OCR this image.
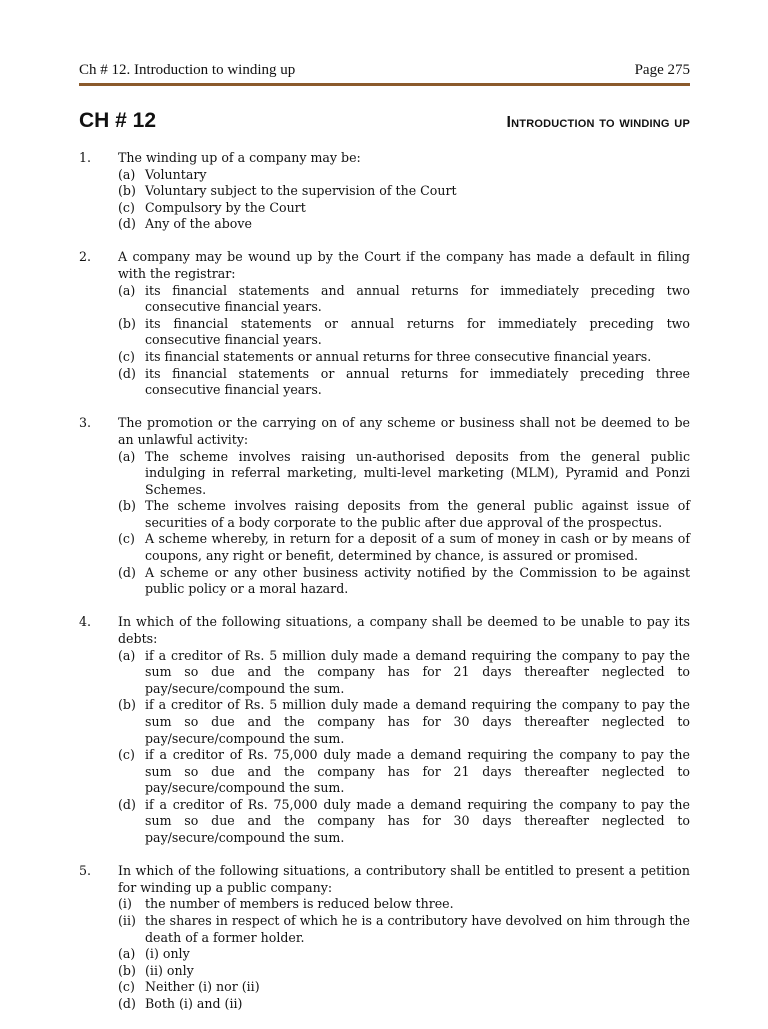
Ch # 12. Introduction to winding up	Page 275
CH # 12	Introduction to winding up
1.	The winding up of a company may be:
(a) Voluntary
(b) Voluntary subject to the supervision of the Court
(c) Compulsory by the Court
(d) Any of the above
2.	A company may be wound up by the Court if the company has made a default in filing with the registrar:
(a) its financial statements and annual returns for immediately preceding two consecutive financial years.
(b) its financial statements or annual returns for immediately preceding two consecutive financial years.
(c) its financial statements or annual returns for three consecutive financial years.
(d) its financial statements or annual returns for immediately preceding three consecutive financial years.
3.	The promotion or the carrying on of any scheme or business shall not be deemed to be an unlawful activity:
(a) The scheme involves raising un-authorised deposits from the general public indulging in referral marketing, multi-level marketing (MLM), Pyramid and Ponzi Schemes.
(b) The scheme involves raising deposits from the general public against issue of securities of a body corporate to the public after due approval of the prospectus.
(c) A scheme whereby, in return for a deposit of a sum of money in cash or by means of coupons, any right or benefit, determined by chance, is assured or promised.
(d) A scheme or any other business activity notified by the Commission to be against public policy or a moral hazard.
4.	In which of the following situations, a company shall be deemed to be unable to pay its debts:
(a) if a creditor of Rs. 5 million duly made a demand requiring the company to pay the sum so due and the company has for 21 days thereafter neglected to pay/secure/compound the sum.
(b) if a creditor of Rs. 5 million duly made a demand requiring the company to pay the sum so due and the company has for 30 days thereafter neglected to pay/secure/compound the sum.
(c) if a creditor of Rs. 75,000 duly made a demand requiring the company to pay the sum so due and the company has for 21 days thereafter neglected to pay/secure/compound the sum.
(d) if a creditor of Rs. 75,000 duly made a demand requiring the company to pay the sum so due and the company has for 30 days thereafter neglected to pay/secure/compound the sum.
5.	In which of the following situations, a contributory shall be entitled to present a petition for winding up a public company:
(i)	the number of members is reduced below three.
(ii) the shares in respect of which he is a contributory have devolved on him through the death of a former holder.
(a) (i) only
(b) (ii) only
(c) Neither (i) nor (ii)
(d) Both (i) and (ii)
